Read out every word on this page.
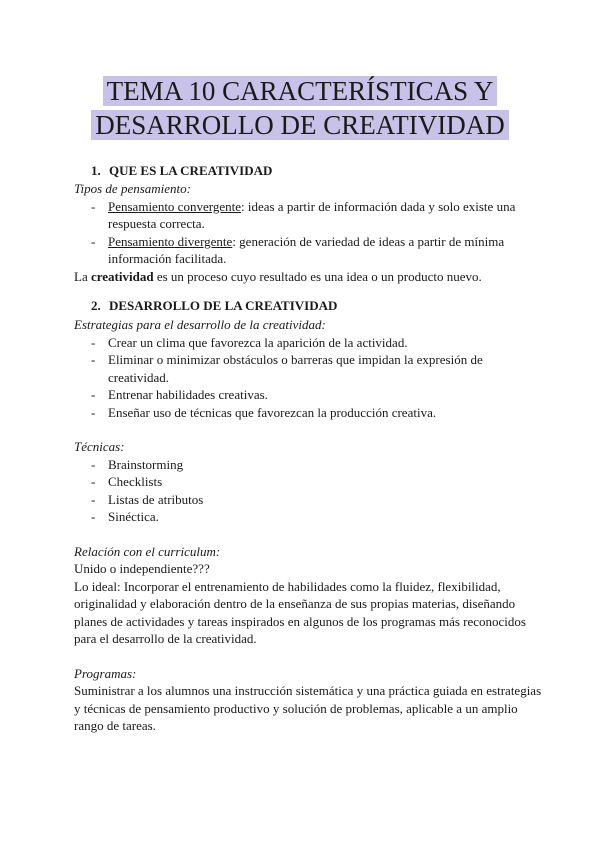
TEMA 10 CARACTERÍSTICAS Y
DESARROLLO DE CREATIVIDAD
1. QUE ES LA CREATIVIDAD
Tipos de pensamiento:
- Pensamiento convergente: ideas a partir de información dada y solo existe una respuesta correcta.
- Pensamiento divergente: generación de variedad de ideas a partir de mínima información facilitada.
La creatividad es un proceso cuyo resultado es una idea o un producto nuevo.
2. DESARROLLO DE LA CREATIVIDAD
Estrategias para el desarrollo de la creatividad:
- Crear un clima que favorezca la aparición de la actividad.
- Eliminar o minimizar obstáculos o barreras que impidan la expresión de creatividad.
- Entrenar habilidades creativas.
- Enseñar uso de técnicas que favorezcan la producción creativa.
Técnicas:
- Brainstorming
- Checklists
- Listas de atributos
- Sinéctica.
Relación con el curriculum:
Unido o independiente???
Lo ideal: Incorporar el entrenamiento de habilidades como la fluidez, flexibilidad, originalidad y elaboración dentro de la enseñanza de sus propias materias, diseñando planes de actividades y tareas inspirados en algunos de los programas más reconocidos para el desarrollo de la creatividad.
Programas:
Suministrar a los alumnos una instrucción sistemática y una práctica guiada en estrategias y técnicas de pensamiento productivo y solución de problemas, aplicable a un amplio rango de tareas.
